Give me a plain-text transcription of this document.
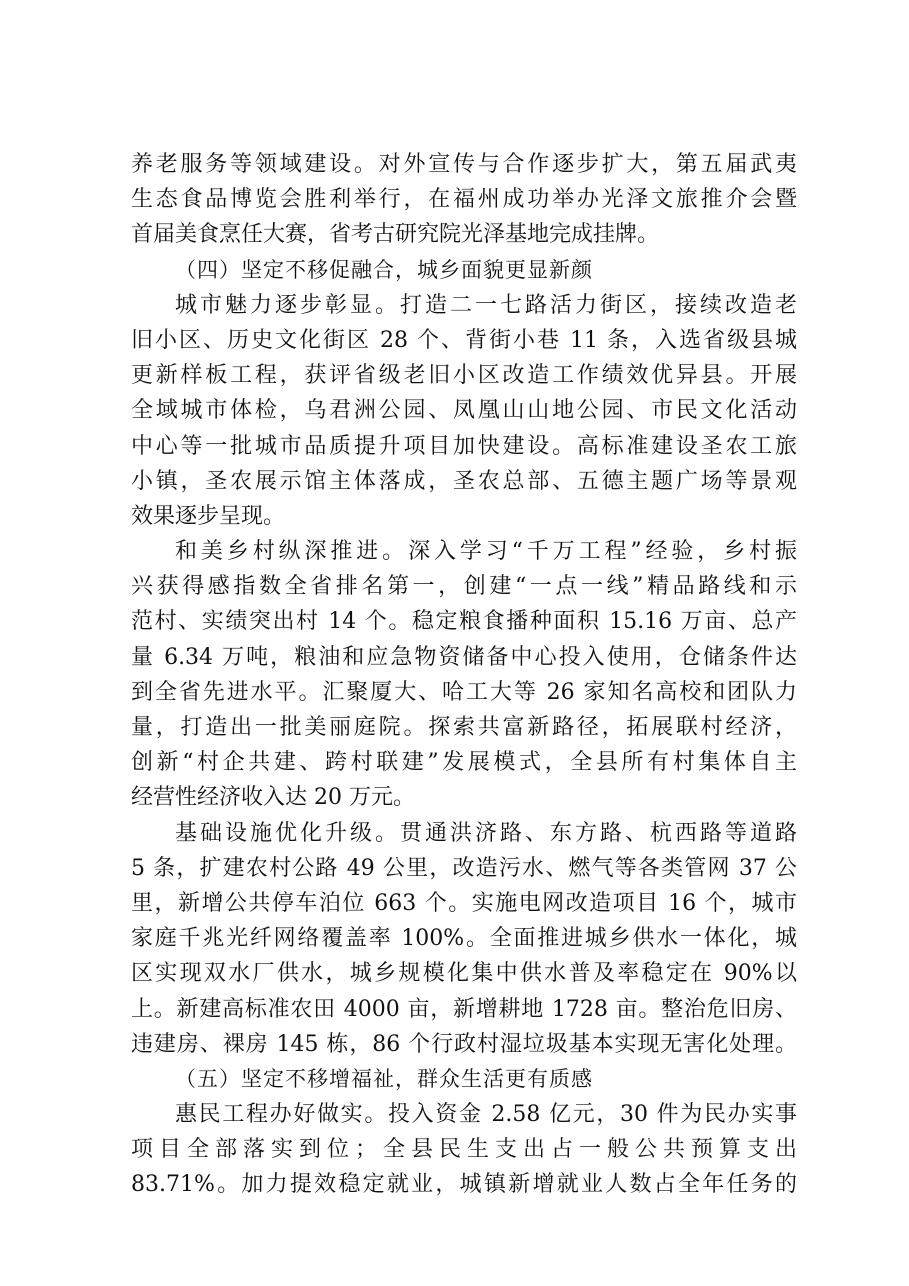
养老服务等领域建设。对外宣传与合作逐步扩大，第五届武夷
生态食品博览会胜利举行，在福州成功举办光泽文旅推介会暨
首届美食烹任大赛，省考古研究院光泽基地完成挂牌。
（四）坚定不移促融合，城乡面貌更显新颜
城市魅力逐步彰显。打造二一七路活力街区，接续改造老
旧小区、历史文化街区 28 个、背街小巷 11 条，入选省级县城
更新样板工程，获评省级老旧小区改造工作绩效优异县。开展
全域城市体检，乌君洲公园、凤凰山山地公园、市民文化活动
中心等一批城市品质提升项目加快建设。高标准建设圣农工旅
小镇，圣农展示馆主体落成，圣农总部、五德主题广场等景观
效果逐步呈现。
和美乡村纵深推进。深入学习“千万工程”经验，乡村振
兴获得感指数全省排名第一，创建“一点一线”精品路线和示
范村、实绩突出村 14 个。稳定粮食播种面积 15.16 万亩、总产
量 6.34 万吨，粮油和应急物资储备中心投入使用，仓储条件达
到全省先进水平。汇聚厦大、哈工大等 26 家知名高校和团队力
量，打造出一批美丽庭院。探索共富新路径，拓展联村经济，
创新“村企共建、跨村联建”发展模式，全县所有村集体自主
经营性经济收入达 20 万元。
基础设施优化升级。贯通洪济路、东方路、杭西路等道路
5 条，扩建农村公路 49 公里，改造污水、燃气等各类管网 37 公
里，新增公共停车泊位 663 个。实施电网改造项目 16 个，城市
家庭千兆光纤网络覆盖率 100%。全面推进城乡供水一体化，城
区实现双水厂供水，城乡规模化集中供水普及率稳定在 90%以
上。新建高标准农田 4000 亩，新增耕地 1728 亩。整治危旧房、
违建房、裸房 145 栋，86 个行政村湿垃圾基本实现无害化处理。
（五）坚定不移增福祉，群众生活更有质感
惠民工程办好做实。投入资金 2.58 亿元，30 件为民办实事
项目全部落实到位；全县民生支出占一般公共预算支出
83.71%。加力提效稳定就业，城镇新增就业人数占全年任务的
